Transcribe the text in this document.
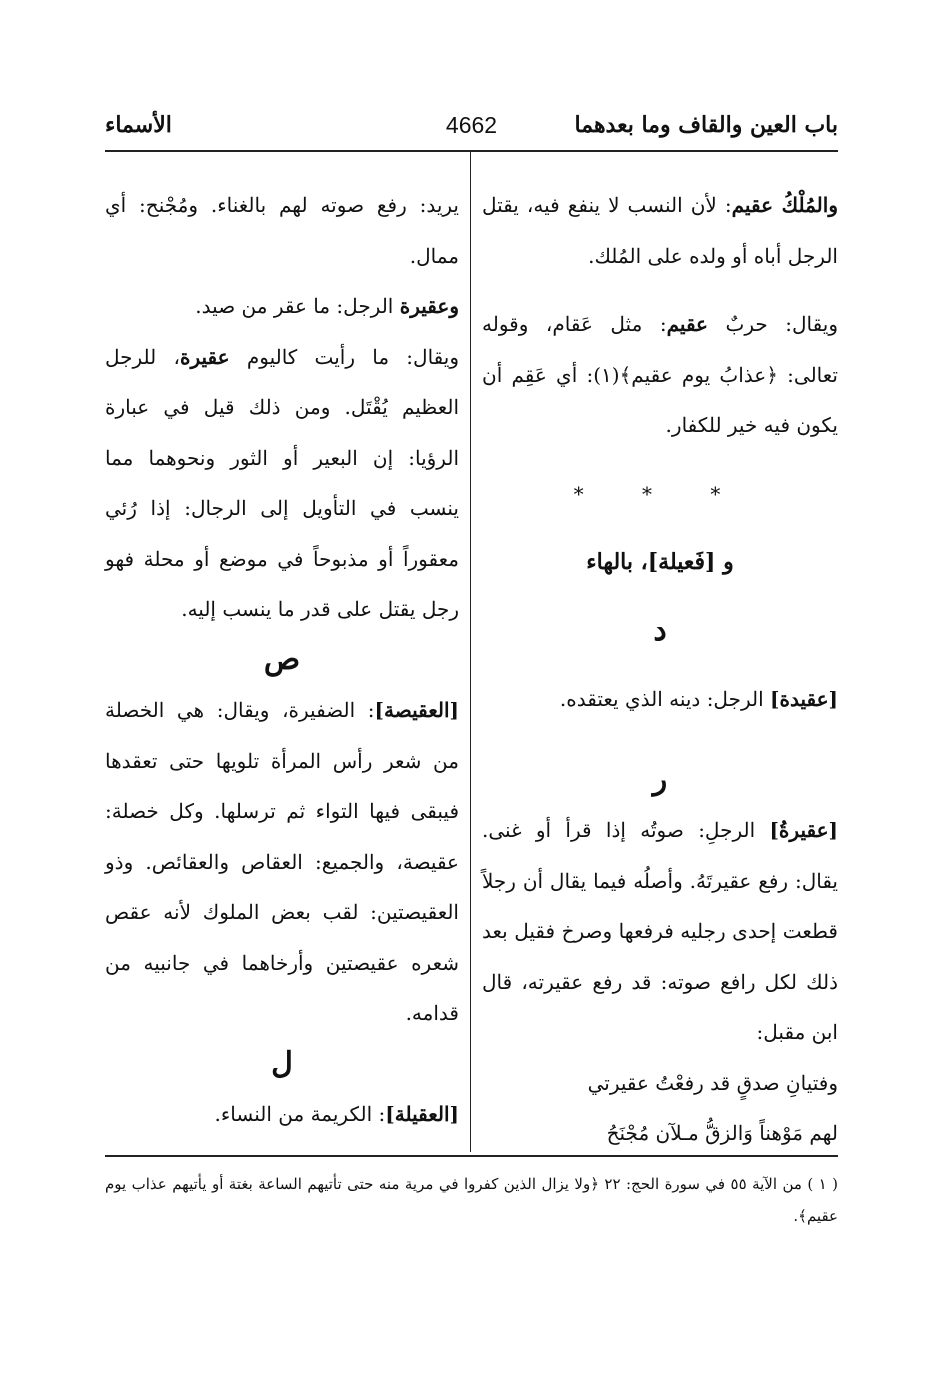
باب العين والقاف وما بعدهما
4662
الأسماء

والمُلْكُ عقيم: لأن النسب لا ينفع فيه، يقتل الرجل أباه أو ولده على المُلك.

ويقال: حربٌ عقيم: مثل عَقام، وقوله تعالى: ﴿عذابُ يوم عقيم﴾(١): أي عَقِم أن يكون فيه خير للكفار.

* * *

و [فَعيلة]، بالهاء

د

[عقيدة] الرجل: دينه الذي يعتقده.

ر

[عقيرةُ] الرجلِ: صوتُه إذا قرأ أو غنى. يقال: رفع عقيرتَهُ. وأصلُه فيما يقال أن رجلاً قطعت إحدى رجليه فرفعها وصرخ فقيل بعد ذلك لكل رافع صوته: قد رفع عقيرته، قال ابن مقبل:

وفتيانِ صدقٍ قد رفعْتُ عقيرتي

لهم مَوْهناً وَالزقُّ مـلآن مُجْنَحُ

يريد: رفع صوته لهم بالغناء. ومُجْنح: أي ممال.

وعقيرة الرجل: ما عقر من صيد.

ويقال: ما رأيت كاليوم عقيرة، للرجل العظيم يُقْتَل. ومن ذلك قيل في عبارة الرؤيا: إن البعير أو الثور ونحوهما مما ينسب في التأويل إلى الرجال: إذا رُئي معقوراً أو مذبوحاً في موضع أو محلة فهو رجل يقتل على قدر ما ينسب إليه.

ص

[العقيصة]: الضفيرة، ويقال: هي الخصلة من شعر رأس المرأة تلويها حتى تعقدها فيبقى فيها التواء ثم ترسلها. وكل خصلة: عقيصة، والجميع: العقاص والعقائص. وذو العقيصتين: لقب بعض الملوك لأنه عقص شعره عقيصتين وأرخاهما في جانبيه من قدامه.

ل

[العقيلة]: الكريمة من النساء.

( ١ ) من الآية ٥٥ في سورة الحج: ٢٢ ﴿ولا يزال الذين كفروا في مرية منه حتى تأتيهم الساعة بغتة أو يأتيهم عذاب يوم عقيم﴾.
